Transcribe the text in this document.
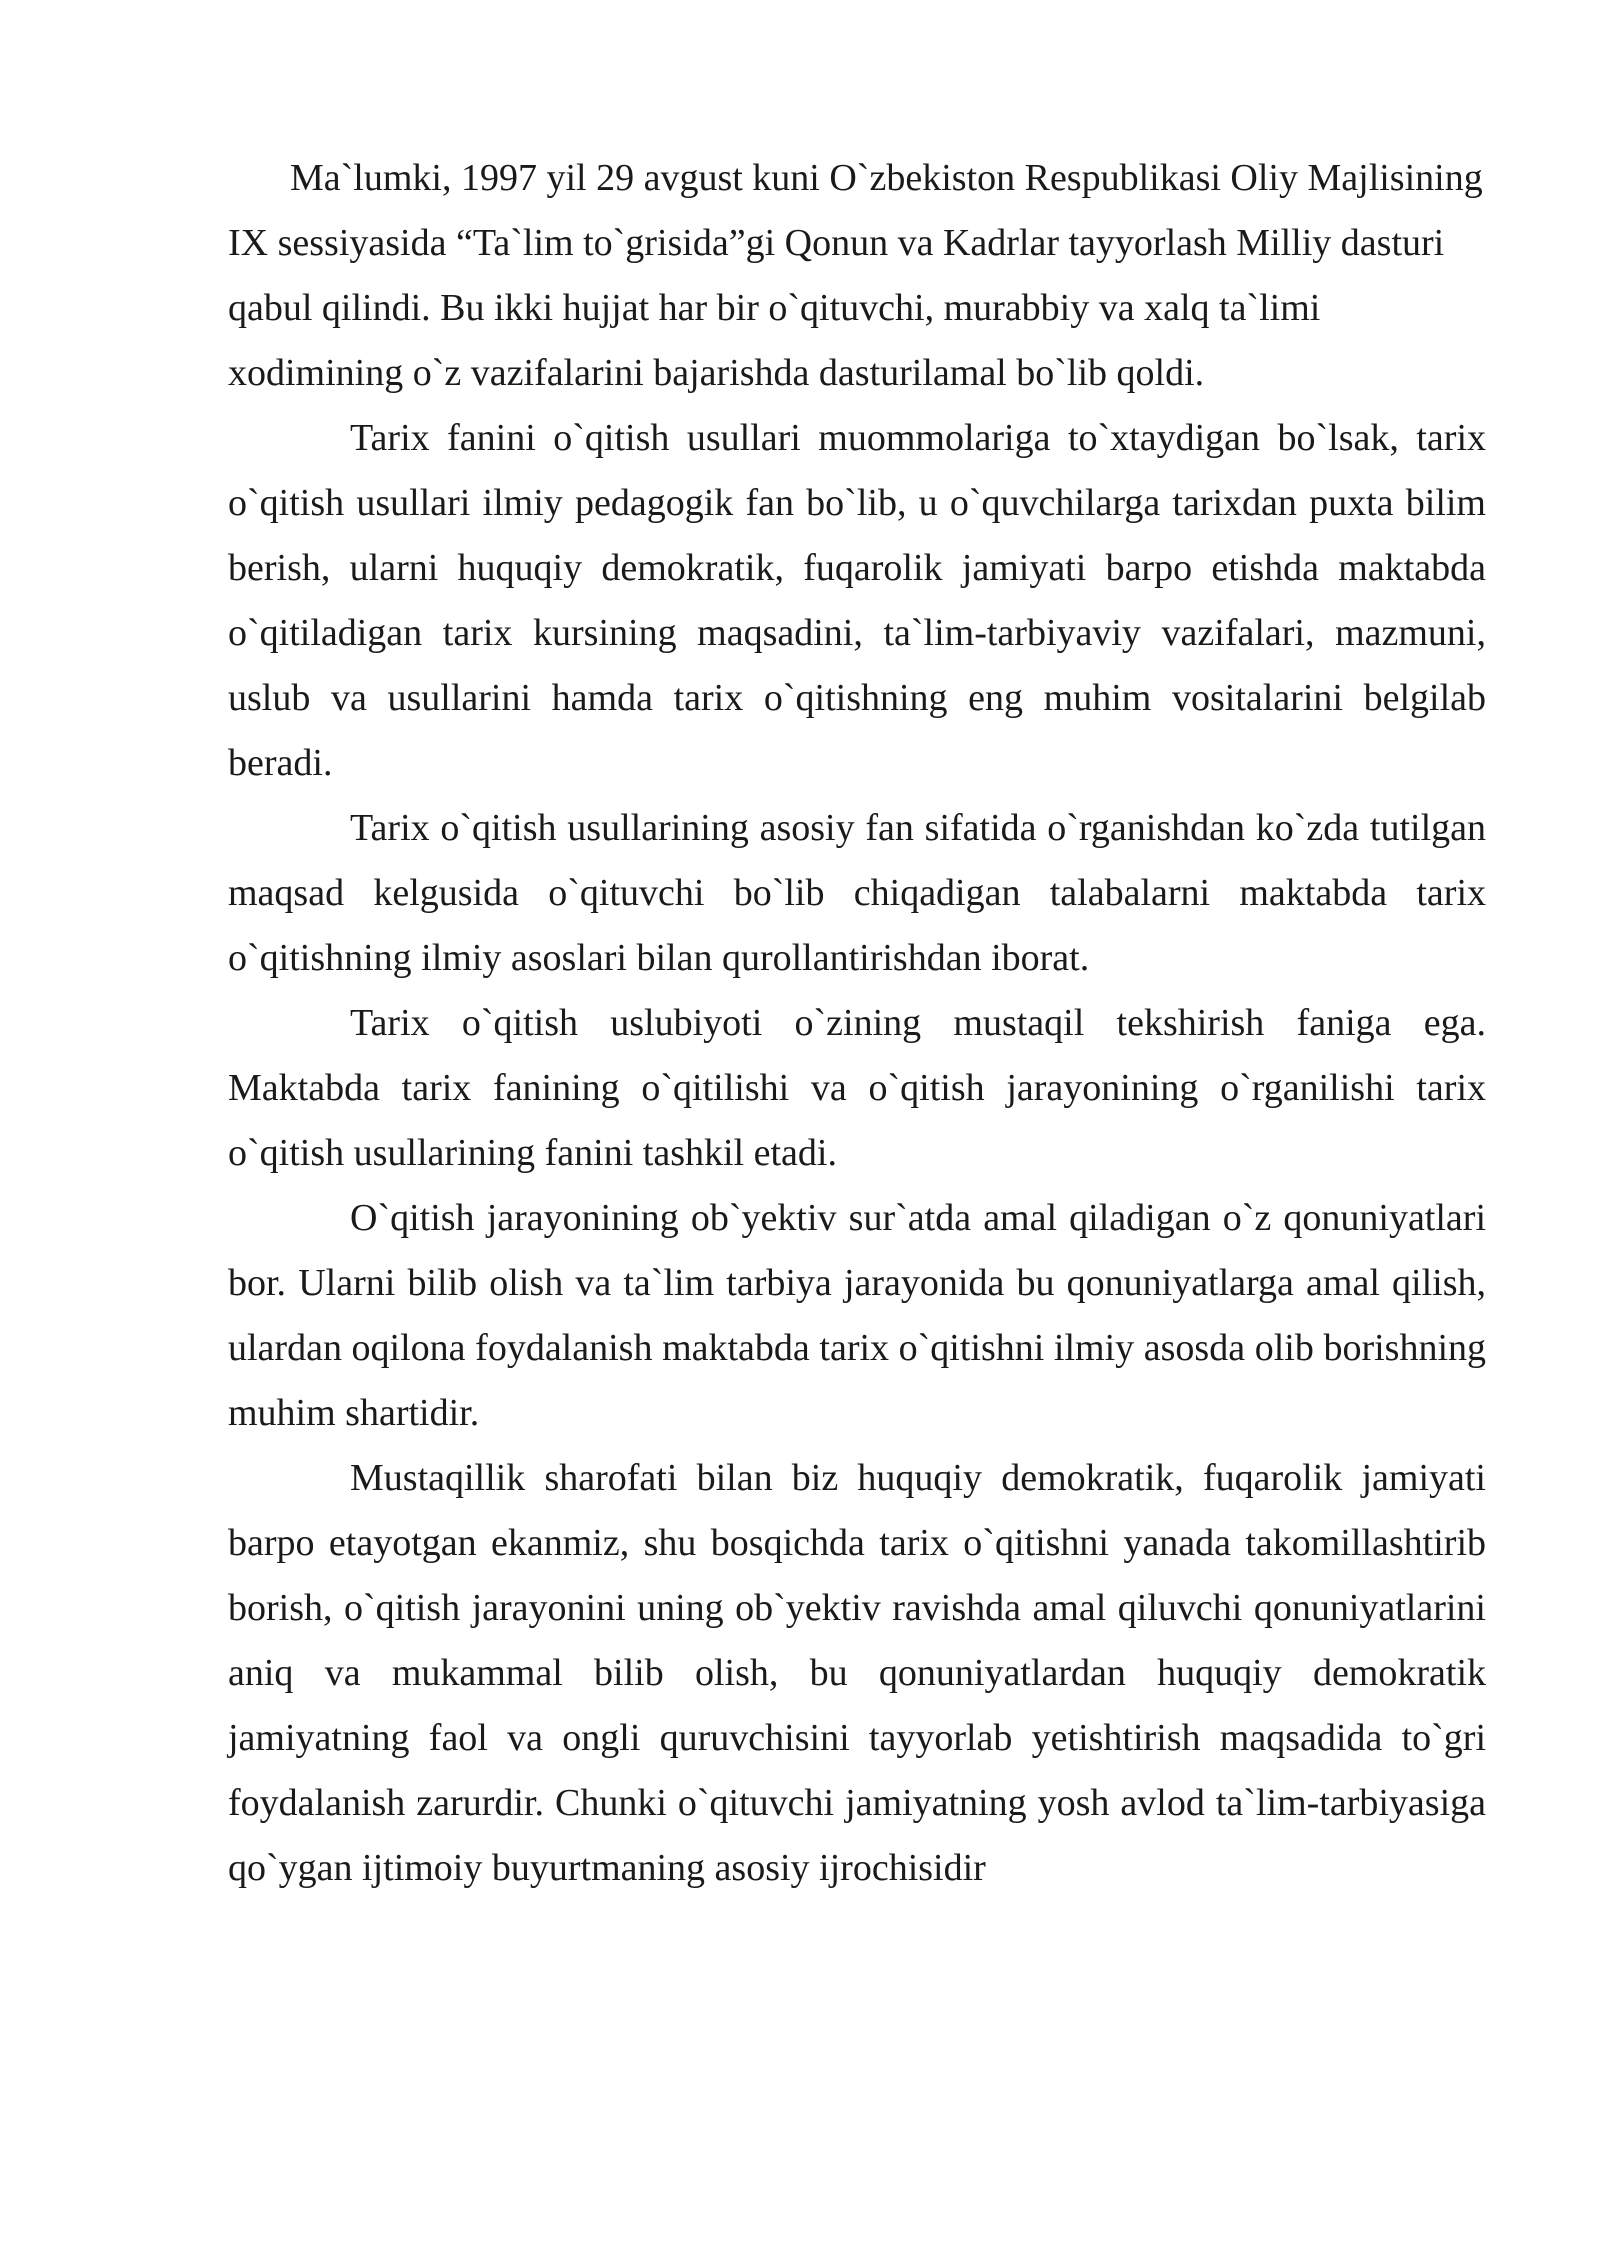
Ma`lumki, 1997 yil 29 avgust kuni O`zbekiston Respublikasi Oliy Majlisining IX sessiyasida “Ta`lim to`grisida”gi Qonun va Kadrlar tayyorlash Milliy dasturi qabul qilindi. Bu ikki hujjat har bir o`qituvchi, murabbiy va xalq ta`limi xodimining o`z vazifalarini bajarishda dasturilamal bo`lib qoldi.

Tarix fanini o`qitish usullari muommolariga to`xtaydigan bo`lsak, tarix o`qitish usullari ilmiy pedagogik fan bo`lib, u o`quvchilarga tarixdan puxta bilim berish, ularni huquqiy demokratik, fuqarolik jamiyati barpo etishda maktabda o`qitiladigan tarix kursining maqsadini, ta`lim-tarbiyaviy vazifalari, mazmuni, uslub va usullarini hamda tarix o`qitishning eng muhim vositalarini belgilab beradi.

Tarix o`qitish usullarining asosiy fan sifatida o`rganishdan ko`zda tutilgan maqsad kelgusida o`qituvchi bo`lib chiqadigan talabalarni maktabda tarix o`qitishning ilmiy asoslari bilan qurollantirishdan iborat.

Tarix o`qitish uslubiyoti o`zining mustaqil tekshirish faniga ega. Maktabda tarix fanining o`qitilishi va o`qitish jarayonining o`rganilishi tarix o`qitish usullarining fanini tashkil etadi.

O`qitish jarayonining ob`yektiv sur`atda amal qiladigan o`z qonuniyatlari bor. Ularni bilib olish va ta`lim tarbiya jarayonida bu qonuniyatlarga amal qilish, ulardan oqilona foydalanish maktabda tarix o`qitishni ilmiy asosda olib borishning muhim shartidir.

Mustaqillik sharofati bilan biz huquqiy demokratik, fuqarolik jamiyati barpo etayotgan ekanmiz, shu bosqichda tarix o`qitishni yanada takomillashtirib borish, o`qitish jarayonini uning ob`yektiv ravishda amal qiluvchi qonuniyatlarini aniq va mukammal bilib olish, bu qonuniyatlardan huquqiy demokratik jamiyatning faol va ongli quruvchisini tayyorlab yetishtirish maqsadida to`gri foydalanish zarurdir. Chunki o`qituvchi jamiyatning yosh avlod ta`lim-tarbiyasiga qo`ygan ijtimoiy buyurtmaning asosiy ijrochisidir
